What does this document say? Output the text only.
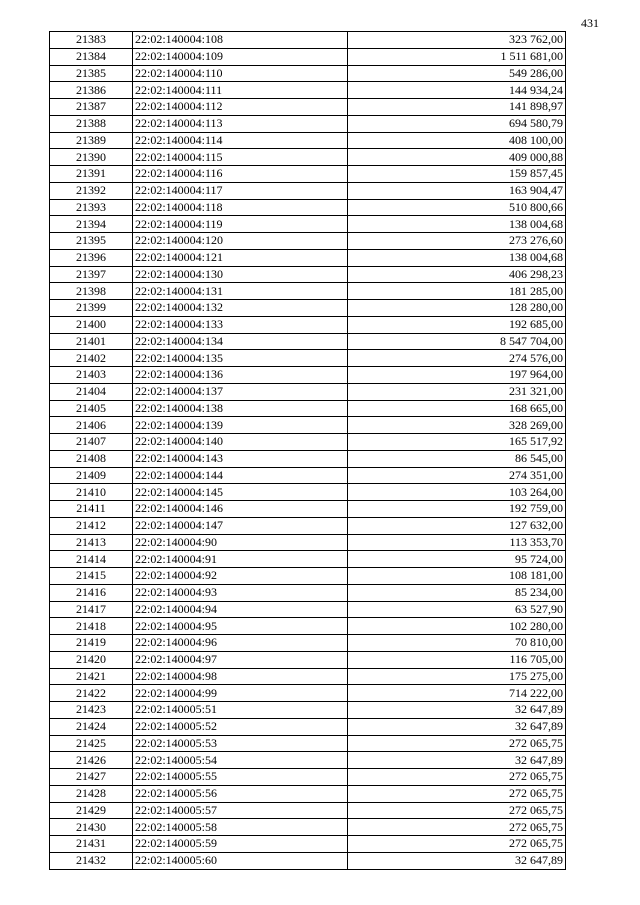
431
21383	22:02:140004:108	323 762,00
21384	22:02:140004:109	1 511 681,00
21385	22:02:140004:110	549 286,00
21386	22:02:140004:111	144 934,24
21387	22:02:140004:112	141 898,97
21388	22:02:140004:113	694 580,79
21389	22:02:140004:114	408 100,00
21390	22:02:140004:115	409 000,88
21391	22:02:140004:116	159 857,45
21392	22:02:140004:117	163 904,47
21393	22:02:140004:118	510 800,66
21394	22:02:140004:119	138 004,68
21395	22:02:140004:120	273 276,60
21396	22:02:140004:121	138 004,68
21397	22:02:140004:130	406 298,23
21398	22:02:140004:131	181 285,00
21399	22:02:140004:132	128 280,00
21400	22:02:140004:133	192 685,00
21401	22:02:140004:134	8 547 704,00
21402	22:02:140004:135	274 576,00
21403	22:02:140004:136	197 964,00
21404	22:02:140004:137	231 321,00
21405	22:02:140004:138	168 665,00
21406	22:02:140004:139	328 269,00
21407	22:02:140004:140	165 517,92
21408	22:02:140004:143	86 545,00
21409	22:02:140004:144	274 351,00
21410	22:02:140004:145	103 264,00
21411	22:02:140004:146	192 759,00
21412	22:02:140004:147	127 632,00
21413	22:02:140004:90	113 353,70
21414	22:02:140004:91	95 724,00
21415	22:02:140004:92	108 181,00
21416	22:02:140004:93	85 234,00
21417	22:02:140004:94	63 527,90
21418	22:02:140004:95	102 280,00
21419	22:02:140004:96	70 810,00
21420	22:02:140004:97	116 705,00
21421	22:02:140004:98	175 275,00
21422	22:02:140004:99	714 222,00
21423	22:02:140005:51	32 647,89
21424	22:02:140005:52	32 647,89
21425	22:02:140005:53	272 065,75
21426	22:02:140005:54	32 647,89
21427	22:02:140005:55	272 065,75
21428	22:02:140005:56	272 065,75
21429	22:02:140005:57	272 065,75
21430	22:02:140005:58	272 065,75
21431	22:02:140005:59	272 065,75
21432	22:02:140005:60	32 647,89
